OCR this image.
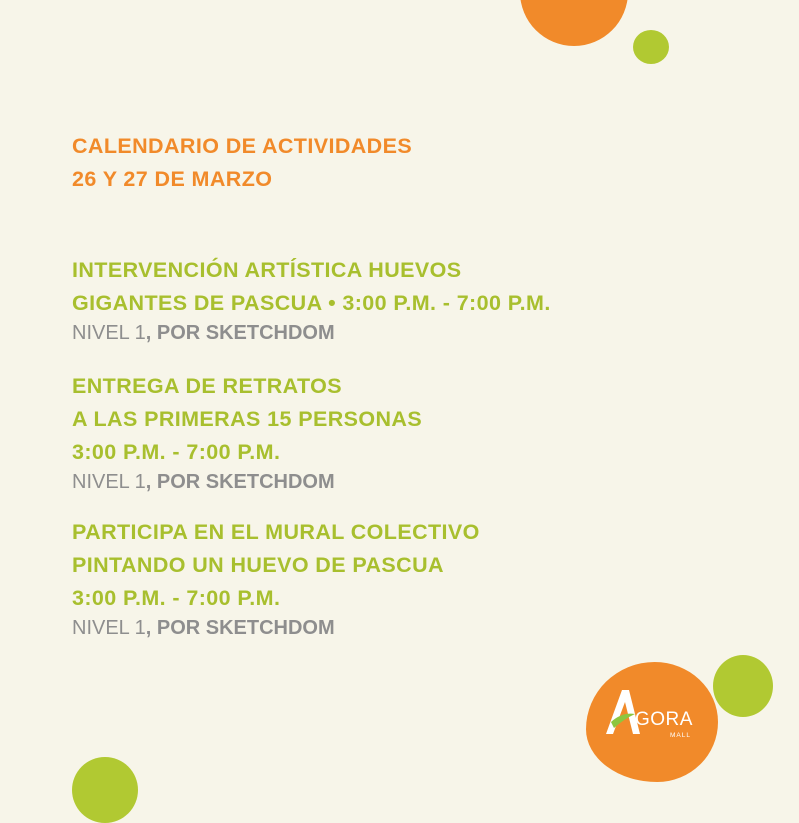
GORA
MALL
CALENDARIO DE ACTIVIDADES
26 Y 27 DE MARZO
INTERVENCIÓN ARTÍSTICA HUEVOS
GIGANTES DE PASCUA • 3:00 P.M. - 7:00 P.M.
NIVEL 1, POR SKETCHDOM
ENTREGA DE RETRATOS
A LAS PRIMERAS 15 PERSONAS
3:00 P.M. - 7:00 P.M.
NIVEL 1, POR SKETCHDOM
PARTICIPA EN EL MURAL COLECTIVO
PINTANDO UN HUEVO DE PASCUA
3:00 P.M. - 7:00 P.M.
NIVEL 1, POR SKETCHDOM
